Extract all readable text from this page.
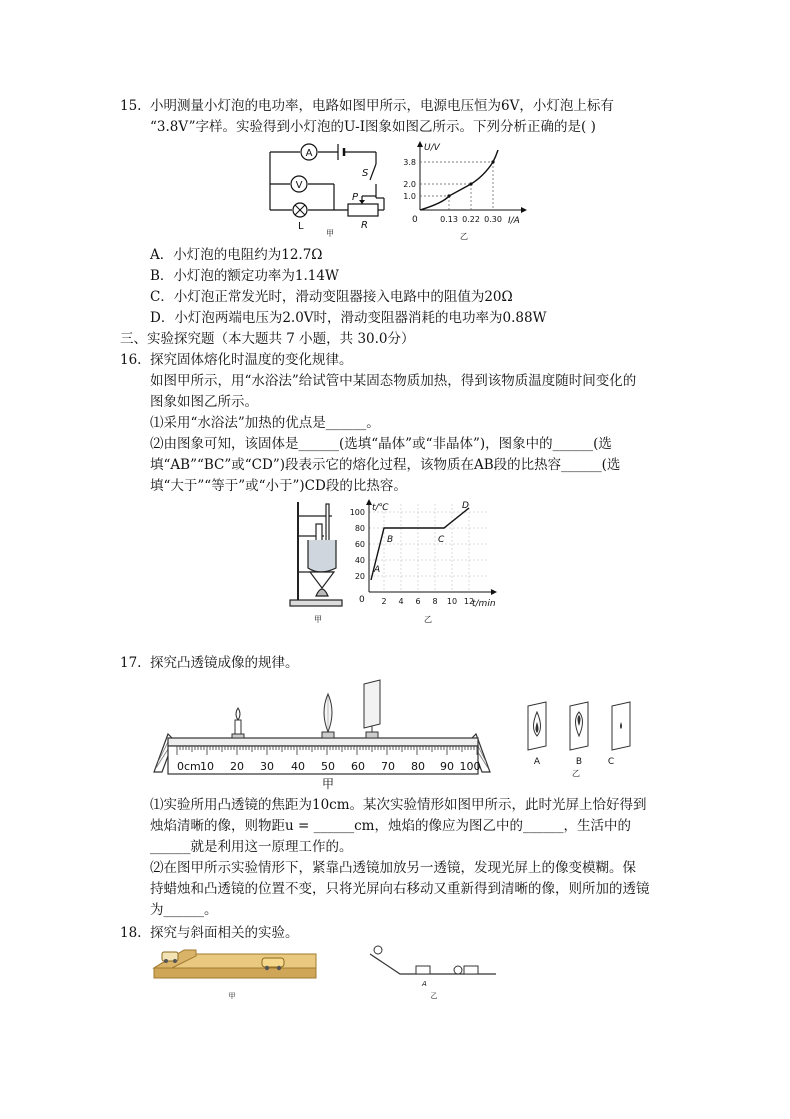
15. 小明测量小灯泡的电功率，电路如图甲所示，电源电压恒为6V，小灯泡上标有
“3.8V”字样。实验得到小灯泡的U-I图象如图乙所示。下列分析正确的是( )
A
V
S
L
P
R
甲
U/V
I/A
0
3.8
2.0
1.0
0.13 0.22 0.30
乙
A．小灯泡的电阻约为12.7Ω
B．小灯泡的额定功率为1.14W
C．小灯泡正常发光时，滑动变阻器接入电路中的阻值为20Ω
D．小灯泡两端电压为2.0V时，滑动变阻器消耗的电功率为0.88W
三、实验探究题（本大题共 7 小题，共 30.0分）
16. 探究固体熔化时温度的变化规律。
如图甲所示，用“水浴法”给试管中某固态物质加热，得到该物质温度随时间变化的
图象如图乙所示。
⑴采用“水浴法”加热的优点是______。
⑵由图象可知，该固体是______(选填“晶体”或“非晶体”)，图象中的______(选
填“AB”“BC”或“CD”)段表示它的熔化过程，该物质在AB段的比热容______(选
填“大于”“等于”或“小于”)CD段的比热容。
甲
t/℃
t/min
0
100
80
60
40
20
2 4 6 8 10 12
A
B	C
D
乙
17. 探究凸透镜成像的规律。
0cm 10 20 30 40 50 60 70 80 90 100
甲
A	B	C
乙
⑴实验所用凸透镜的焦距为10cm。某次实验情形如图甲所示，此时光屏上恰好得到
烛焰清晰的像，则物距u = ______cm，烛焰的像应为图乙中的______，生活中的
______就是利用这一原理工作的。
⑵在图甲所示实验情形下，紧靠凸透镜加放另一透镜，发现光屏上的像变模糊。保
持蜡烛和凸透镜的位置不变，只将光屏向右移动又重新得到清晰的像，则所加的透镜
为______。
18. 探究与斜面相关的实验。
甲
A
乙
